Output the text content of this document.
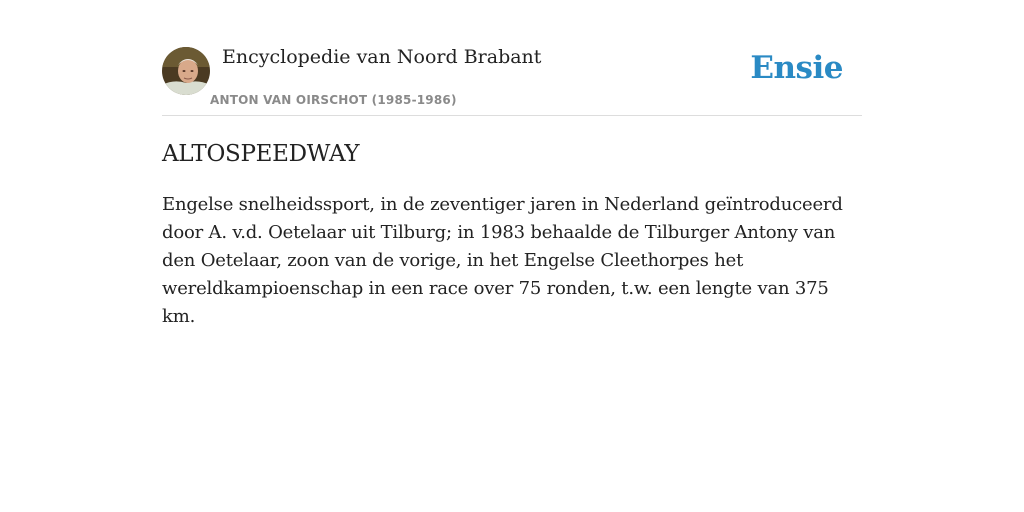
Encyclopedie van Noord Brabant
ANTON VAN OIRSCHOT (1985-1986)
Ensie
ALTOSPEEDWAY

Engelse snelheidssport, in de zeventiger jaren in Nederland geïntroduceerd door A. v.d. Oetelaar uit Tilburg; in 1983 behaalde de Tilburger Antony van den Oetelaar, zoon van de vorige, in het Engelse Cleethorpes het wereldkampioenschap in een race over 75 ronden, t.w. een lengte van 375 km.
